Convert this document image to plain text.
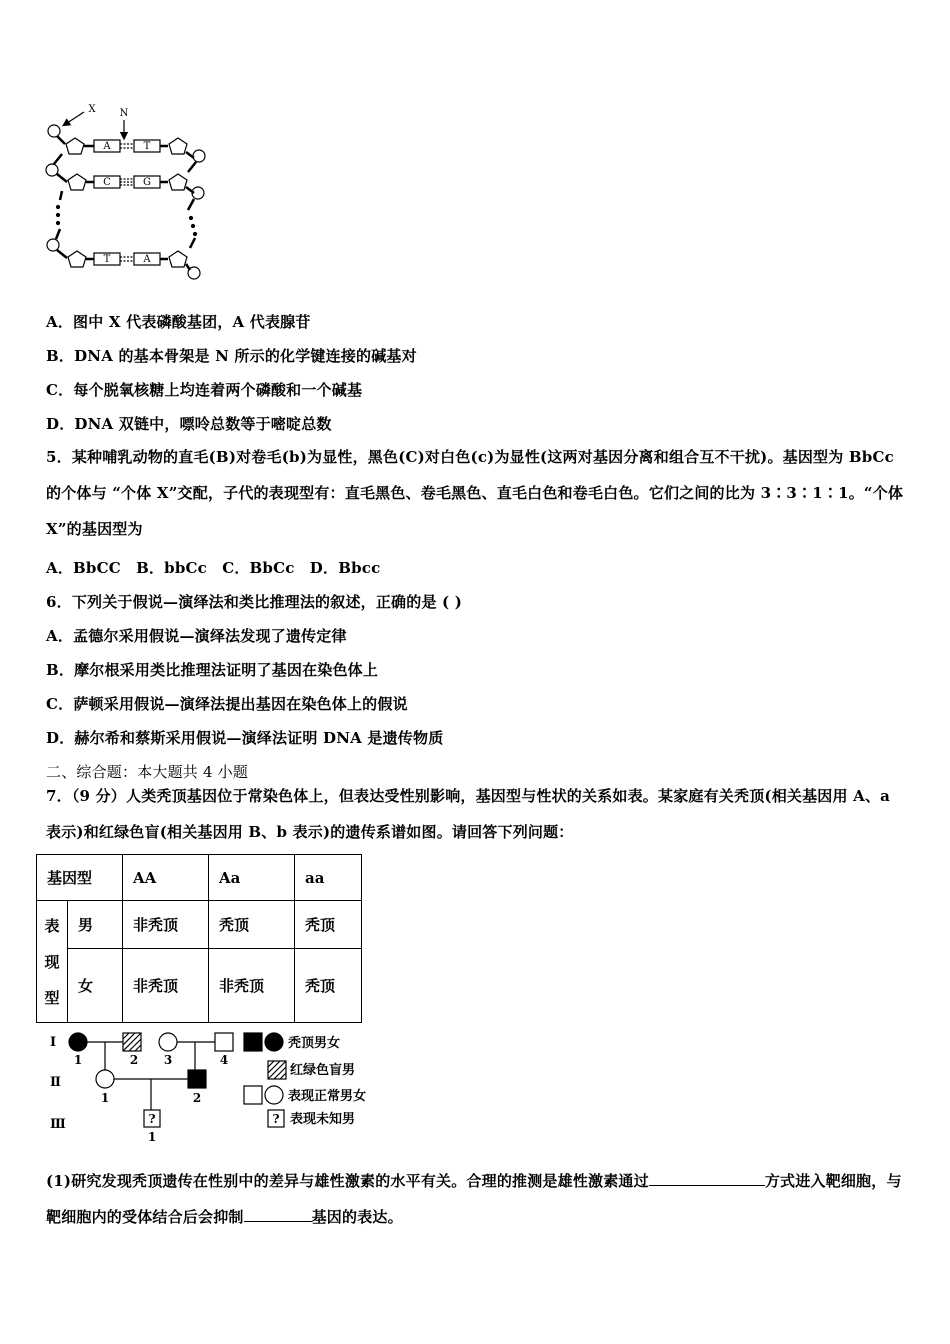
X N
A	T
C	G
T	A
A．图中 X 代表磷酸基团，A 代表腺苷
B．DNA 的基本骨架是 N 所示的化学键连接的碱基对
C．每个脱氧核糖上均连着两个磷酸和一个碱基
D．DNA 双链中，嘌呤总数等于嘧啶总数
5．某种哺乳动物的直毛(B)对卷毛(b)为显性，黑色(C)对白色(c)为显性(这两对基因分离和组合互不干扰)。基因型为 BbCc 的个体与 “个体 X”交配，子代的表现型有：直毛黑色、卷毛黑色、直毛白色和卷毛白色。它们之间的比为 3∶3∶1∶1。“个体 X”的基因型为
A．BbCC　B．bbCc　C．BbCc　D．Bbcc
6．下列关于假说—演绎法和类比推理法的叙述，正确的是 ( )
A．孟德尔采用假说—演绎法发现了遗传定律
B．摩尔根采用类比推理法证明了基因在染色体上
C．萨顿采用假说—演绎法提出基因在染色体上的假说
D．赫尔希和蔡斯采用假说—演绎法证明 DNA 是遗传物质
二、综合题：本大题共 4 小题
7．（9 分）人类秃顶基因位于常染色体上，但表达受性别影响，基因型与性状的关系如表。某家庭有关秃顶(相关基因用 A、a 表示)和红绿色盲(相关基因用 B、b 表示)的遗传系谱如图。请回答下列问题：
基因型		AA	Aa	aa
表
现
型	男	非秃顶	秃顶	秃顶
	女	非秃顶	非秃顶	秃顶
Ⅰ
Ⅱ
Ⅲ
1	2 3	4
1	2
1
?	?
秃顶男女
红绿色盲男
表现正常男女
表现未知男
(1)研究发现秃顶遗传在性别中的差异与雄性激素的水平有关。合理的推测是雄性激素通过	方式进入靶细胞，与靶细胞内的受体结合后会抑制	基因的表达。
